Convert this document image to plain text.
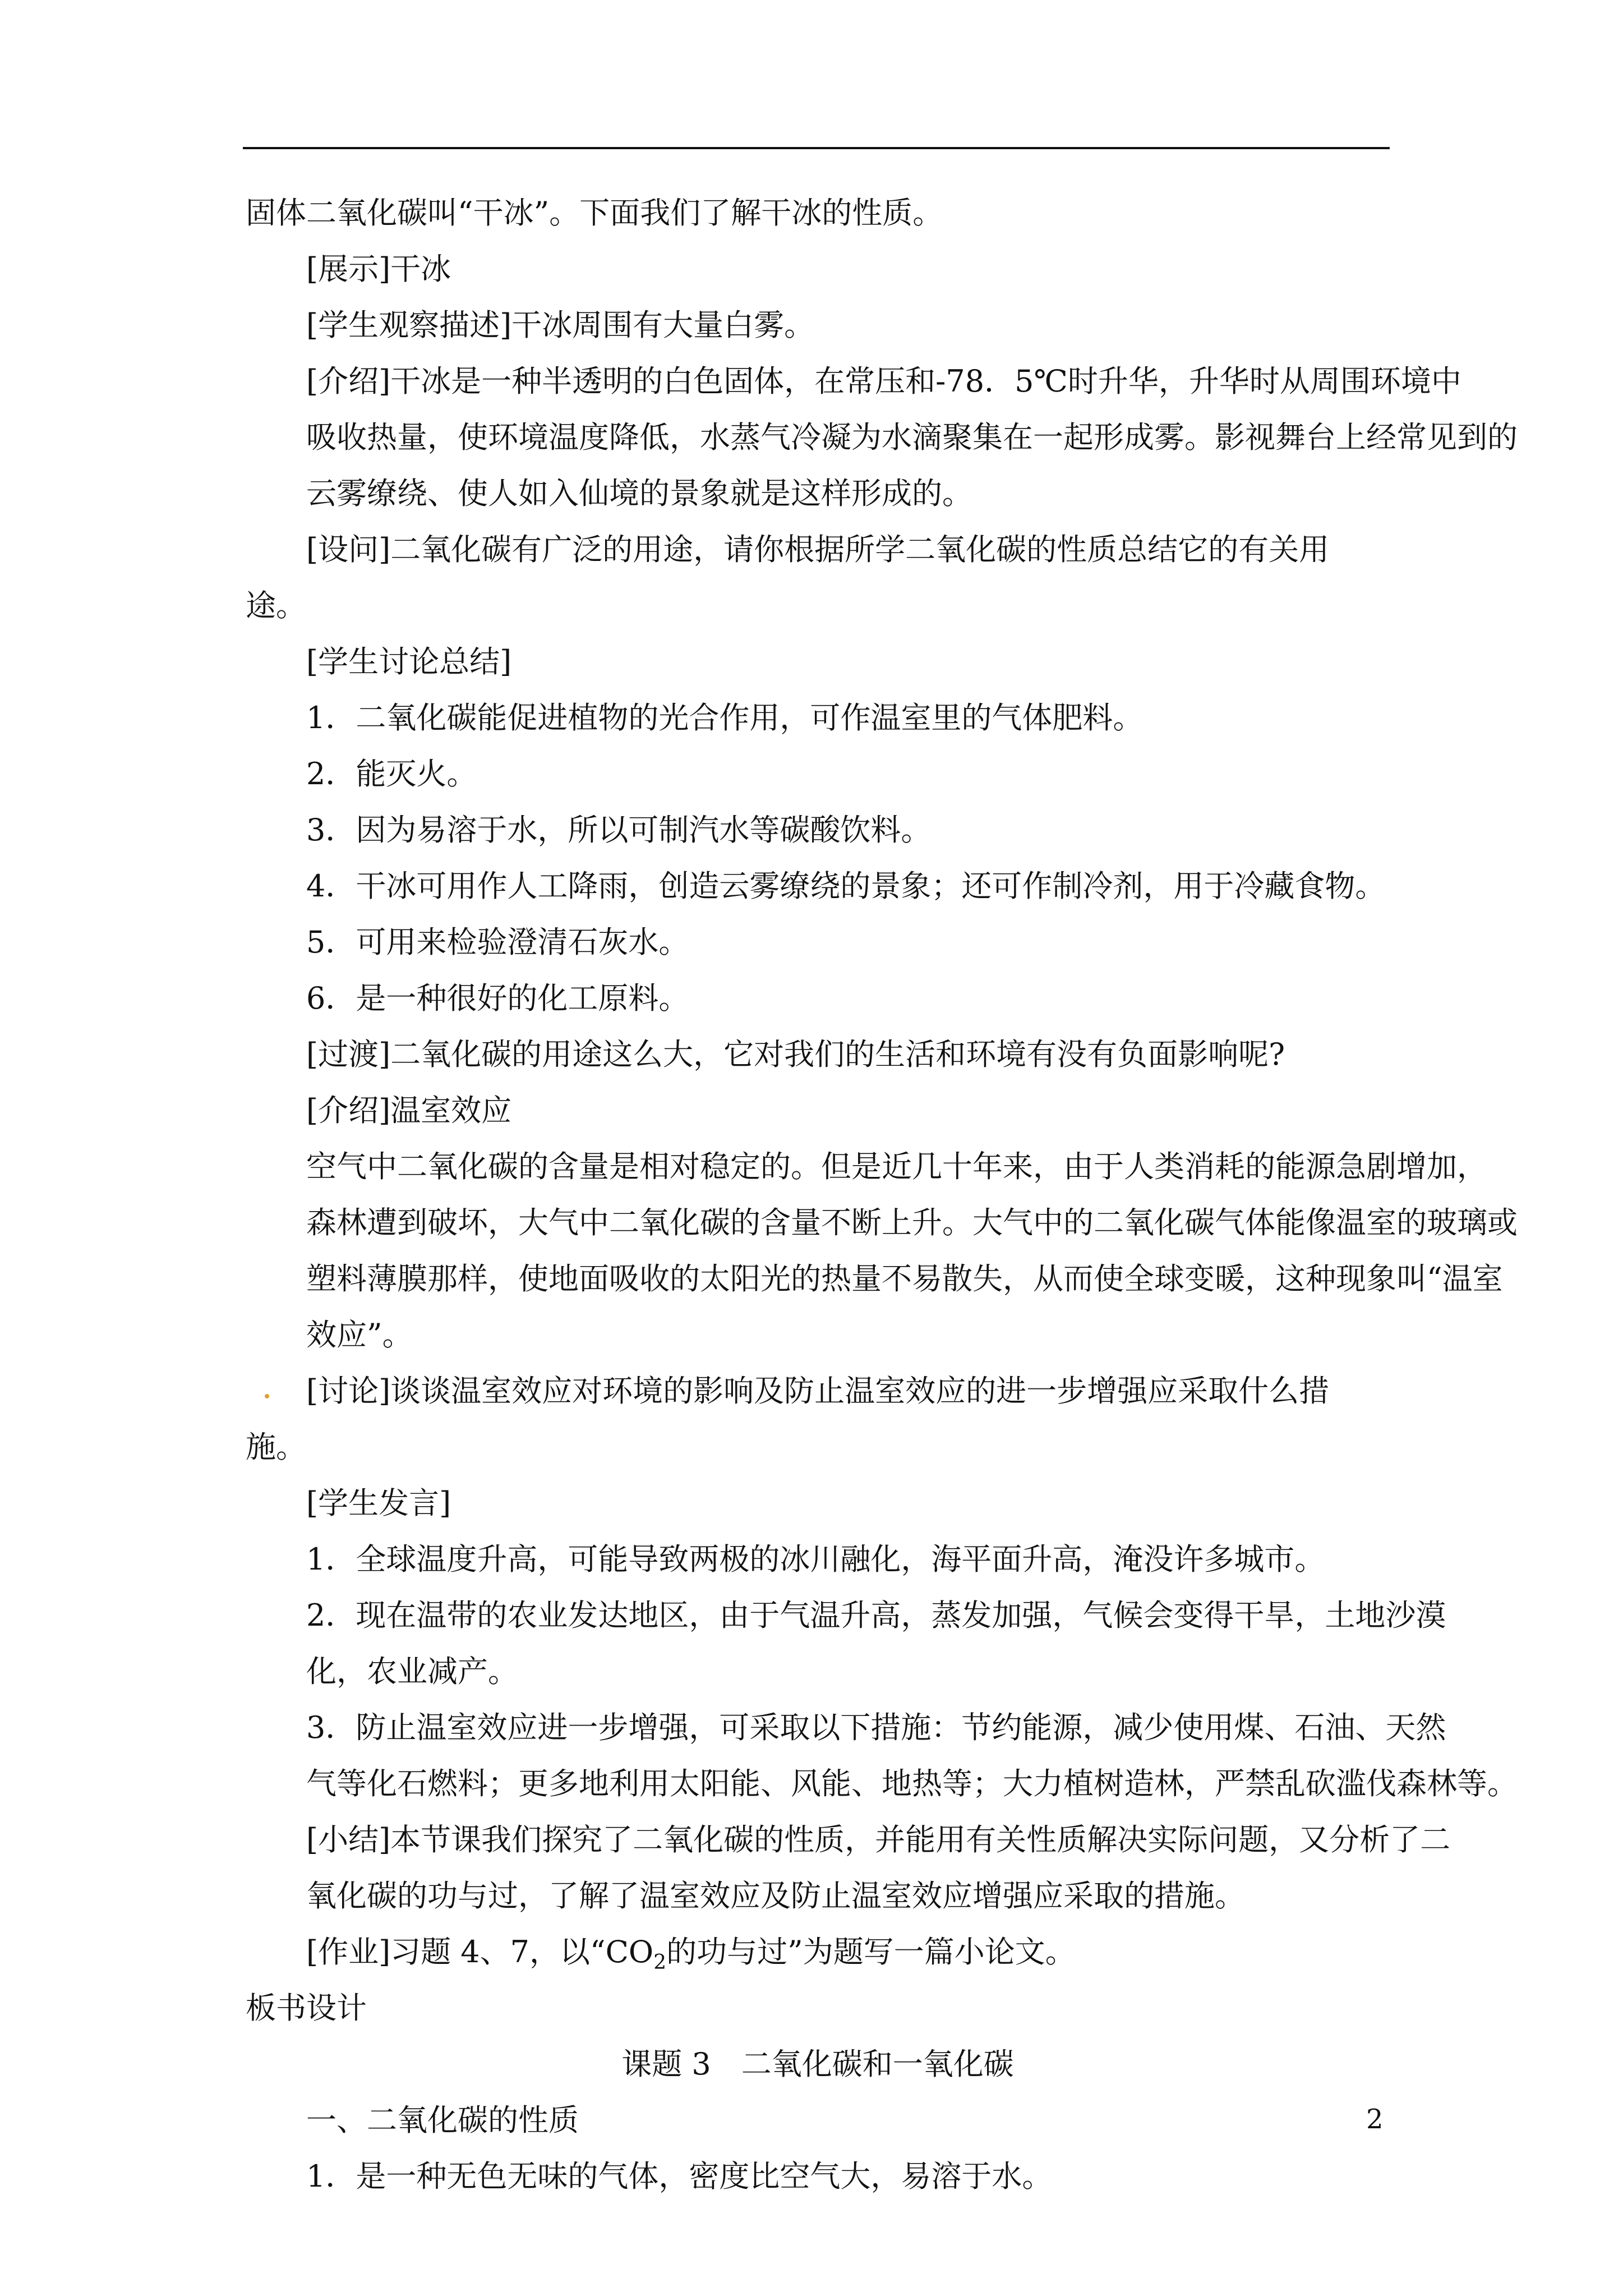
固体二氧化碳叫“干冰”。下面我们了解干冰的性质。

[展示]干冰

[学生观察描述]干冰周围有大量白雾。

[介绍]干冰是一种半透明的白色固体，在常压和-78．5℃时升华，升华时从周围环境中
吸收热量，使环境温度降低，水蒸气冷凝为水滴聚集在一起形成雾。影视舞台上经常见到的
云雾缭绕、使人如入仙境的景象就是这样形成的。

[设问]二氧化碳有广泛的用途，请你根据所学二氧化碳的性质总结它的有关用途。

[学生讨论总结]

1．二氧化碳能促进植物的光合作用，可作温室里的气体肥料。

2．能灭火。

3．因为易溶于水，所以可制汽水等碳酸饮料。

4．干冰可用作人工降雨，创造云雾缭绕的景象；还可作制冷剂，用于冷藏食物。

5．可用来检验澄清石灰水。

6．是一种很好的化工原料。

[过渡]二氧化碳的用途这么大，它对我们的生活和环境有没有负面影响呢?

[介绍]温室效应

空气中二氧化碳的含量是相对稳定的。但是近几十年来，由于人类消耗的能源急剧增加，
森林遭到破坏，大气中二氧化碳的含量不断上升。大气中的二氧化碳气体能像温室的玻璃或
塑料薄膜那样，使地面吸收的太阳光的热量不易散失，从而使全球变暖，这种现象叫“温室
效应”。

[讨论]谈谈温室效应对环境的影响及防止温室效应的进一步增强应采取什么措施。

[学生发言]

1．全球温度升高，可能导致两极的冰川融化，海平面升高，淹没许多城市。

2．现在温带的农业发达地区，由于气温升高，蒸发加强，气候会变得干旱，土地沙漠
化，农业减产。

3．防止温室效应进一步增强，可采取以下措施：节约能源，减少使用煤、石油、天然
气等化石燃料；更多地利用太阳能、风能、地热等；大力植树造林，严禁乱砍滥伐森林等。

[小结]本节课我们探究了二氧化碳的性质，并能用有关性质解决实际问题，又分析了二
氧化碳的功与过，了解了温室效应及防止温室效应增强应采取的措施。

[作业]习题 4、7，以“$CO_2$的功与过”为题写一篇小论文。

板书设计

课题 3　二氧化碳和一氧化碳

一、二氧化碳的性质

1．是一种无色无味的气体，密度比空气大，易溶于水。

2
